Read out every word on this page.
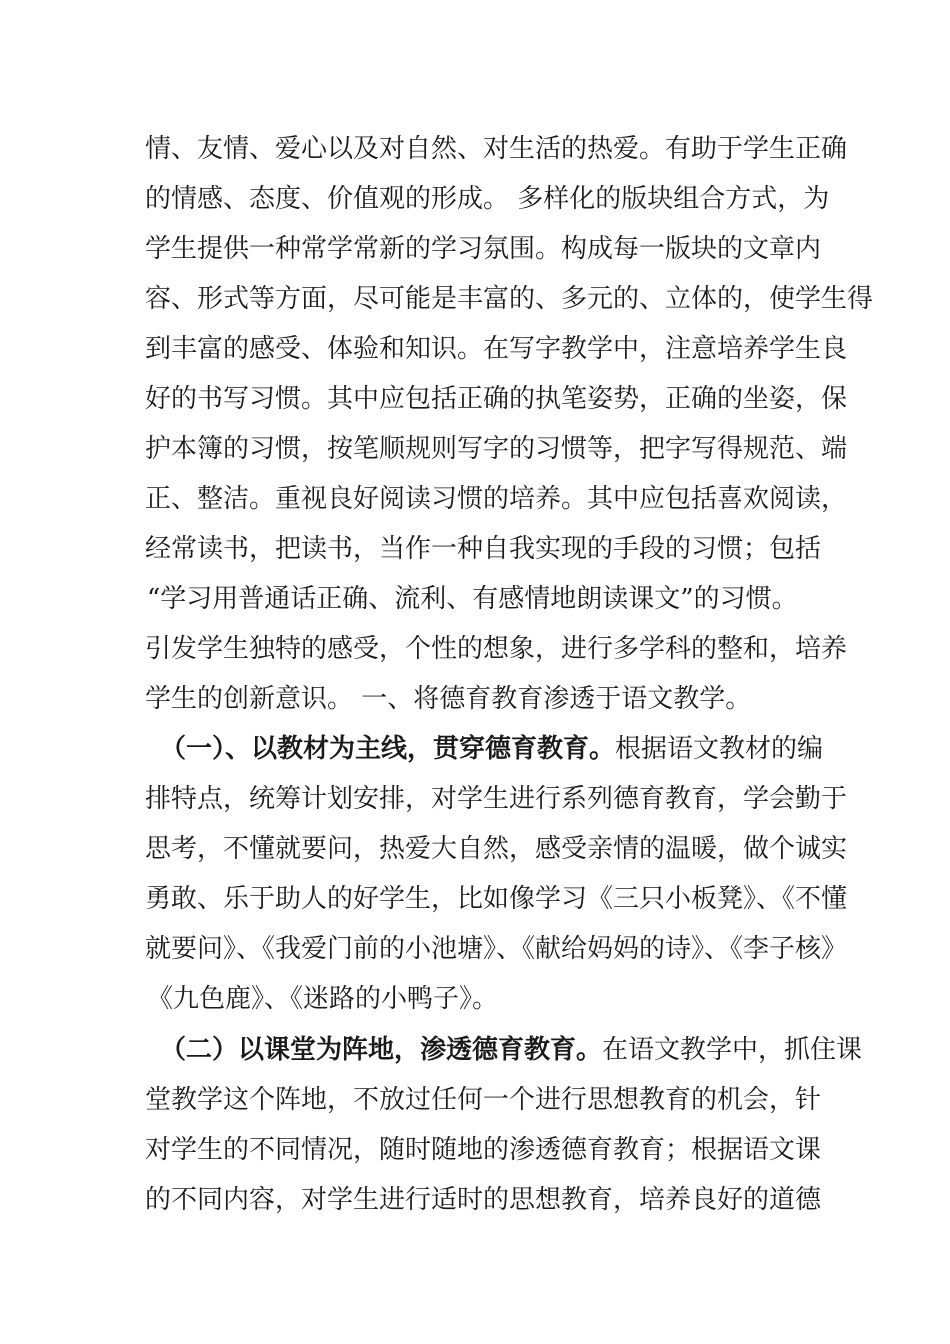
情、友情、爱心以及对自然、对生活的热爱。有助于学生正确
的情感、态度、价值观的形成。 多样化的版块组合方式，为
学生提供一种常学常新的学习氛围。构成每一版块的文章内
容、形式等方面，尽可能是丰富的、多元的、立体的，使学生得
到丰富的感受、体验和知识。在写字教学中，注意培养学生良
好的书写习惯。其中应包括正确的执笔姿势，正确的坐姿，保
护本簿的习惯，按笔顺规则写字的习惯等，把字写得规范、端
正、整洁。重视良好阅读习惯的培养。其中应包括喜欢阅读，
经常读书，把读书，当作一种自我实现的手段的习惯；包括
“学习用普通话正确、流利、有感情地朗读课文”的习惯。
引发学生独特的感受，个性的想象，进行多学科的整和，培养
学生的创新意识。 一、将德育教育渗透于语文教学。
（一）、以教材为主线，贯穿德育教育。根据语文教材的编
排特点，统筹计划安排，对学生进行系列德育教育，学会勤于
思考，不懂就要问，热爱大自然，感受亲情的温暖，做个诚实
勇敢、乐于助人的好学生，比如像学习《三只小板凳》、《不懂
就要问》、《我爱门前的小池塘》、《献给妈妈的诗》、《李子核》
《九色鹿》、《迷路的小鸭子》。
（二）以课堂为阵地，渗透德育教育。在语文教学中，抓住课
堂教学这个阵地，不放过任何一个进行思想教育的机会，针
对学生的不同情况，随时随地的渗透德育教育；根据语文课
的不同内容，对学生进行适时的思想教育，培养良好的道德
